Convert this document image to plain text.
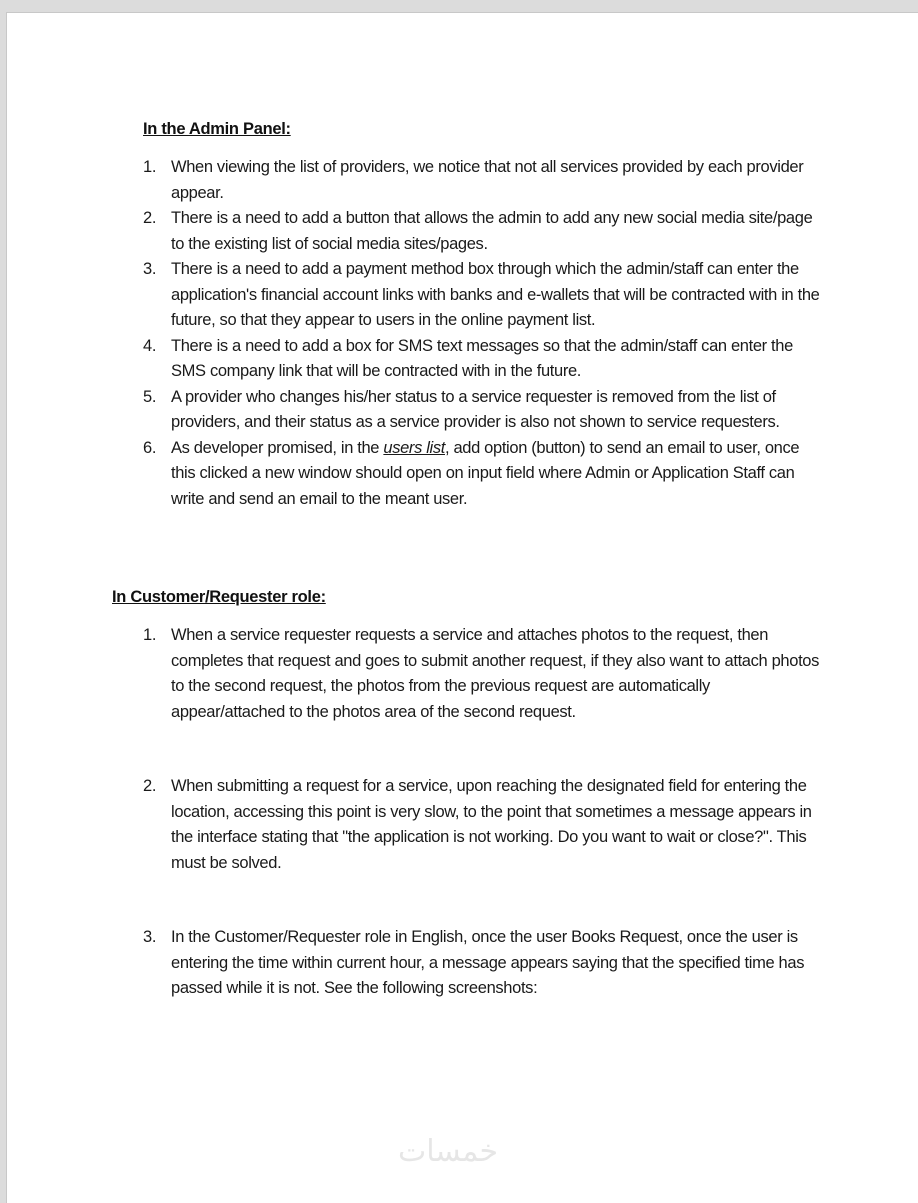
In the Admin Panel:
1. When viewing the list of providers, we notice that not all services provided by each provider appear.
2. There is a need to add a button that allows the admin to add any new social media site/page to the existing list of social media sites/pages.
3. There is a need to add a payment method box through which the admin/staff can enter the application's financial account links with banks and e-wallets that will be contracted with in the future, so that they appear to users in the online payment list.
4. There is a need to add a box for SMS text messages so that the admin/staff can enter the SMS company link that will be contracted with in the future.
5. A provider who changes his/her status to a service requester is removed from the list of providers, and their status as a service provider is also not shown to service requesters.
6. As developer promised, in the users list, add option (button) to send an email to user, once this clicked a new window should open on input field where Admin or Application Staff can write and send an email to the meant user.
In Customer/Requester role:
1. When a service requester requests a service and attaches photos to the request, then completes that request and goes to submit another request, if they also want to attach photos to the second request, the photos from the previous request are automatically appear/attached to the photos area of the second request.
2. When submitting a request for a service, upon reaching the designated field for entering the location, accessing this point is very slow, to the point that sometimes a message appears in the interface stating that "the application is not working. Do you want to wait or close?". This must be solved.
3. In the Customer/Requester role in English, once the user Books Request, once the user is entering the time within current hour, a message appears saying that the specified time has passed while it is not. See the following screenshots:
خمسات
